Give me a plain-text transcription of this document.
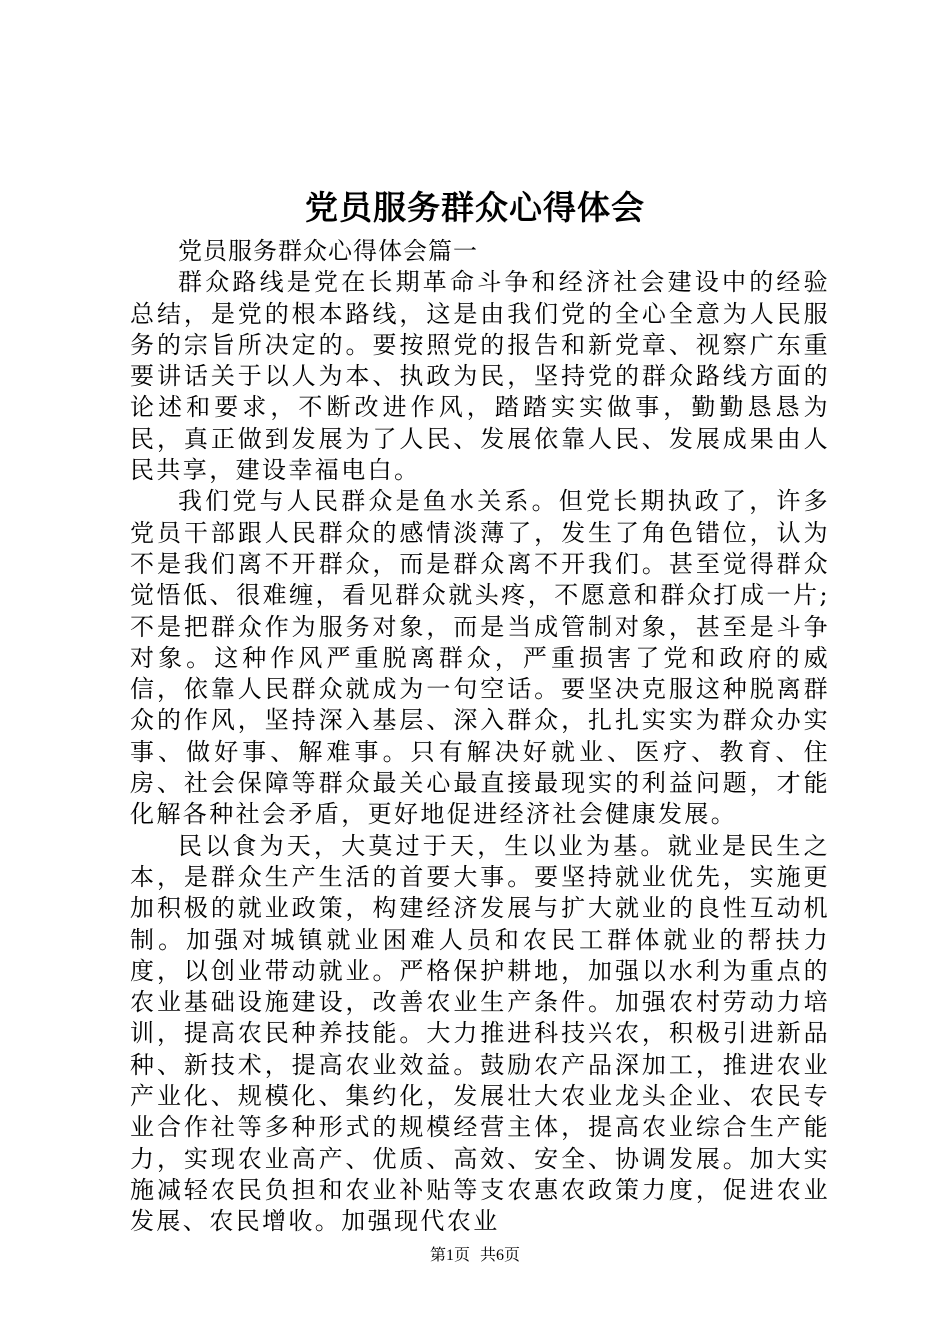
党员服务群众心得体会

党员服务群众心得体会篇一

群众路线是党在长期革命斗争和经济社会建设中的经验总结，是党的根本路线，这是由我们党的全心全意为人民服务的宗旨所决定的。要按照党的报告和新党章、视察广东重要讲话关于以人为本、执政为民，坚持党的群众路线方面的论述和要求，不断改进作风，踏踏实实做事，勤勤恳恳为民，真正做到发展为了人民、发展依靠人民、发展成果由人民共享，建设幸福电白。

我们党与人民群众是鱼水关系。但党长期执政了，许多党员干部跟人民群众的感情淡薄了，发生了角色错位，认为不是我们离不开群众，而是群众离不开我们。甚至觉得群众觉悟低、很难缠，看见群众就头疼，不愿意和群众打成一片;不是把群众作为服务对象，而是当成管制对象，甚至是斗争对象。这种作风严重脱离群众，严重损害了党和政府的威信，依靠人民群众就成为一句空话。要坚决克服这种脱离群众的作风，坚持深入基层、深入群众，扎扎实实为群众办实事、做好事、解难事。只有解决好就业、医疗、教育、住房、社会保障等群众最关心最直接最现实的利益问题，才能化解各种社会矛盾，更好地促进经济社会健康发展。

民以食为天，大莫过于天，生以业为基。就业是民生之本，是群众生产生活的首要大事。要坚持就业优先，实施更加积极的就业政策，构建经济发展与扩大就业的良性互动机制。加强对城镇就业困难人员和农民工群体就业的帮扶力度，以创业带动就业。严格保护耕地，加强以水利为重点的农业基础设施建设，改善农业生产条件。加强农村劳动力培训，提高农民种养技能。大力推进科技兴农，积极引进新品种、新技术，提高农业效益。鼓励农产品深加工，推进农业产业化、规模化、集约化，发展壮大农业龙头企业、农民专业合作社等多种形式的规模经营主体，提高农业综合生产能力，实现农业高产、优质、高效、安全、协调发展。加大实施减轻农民负担和农业补贴等支农惠农政策力度，促进农业发展、农民增收。加强现代农业

第1页 共6页
